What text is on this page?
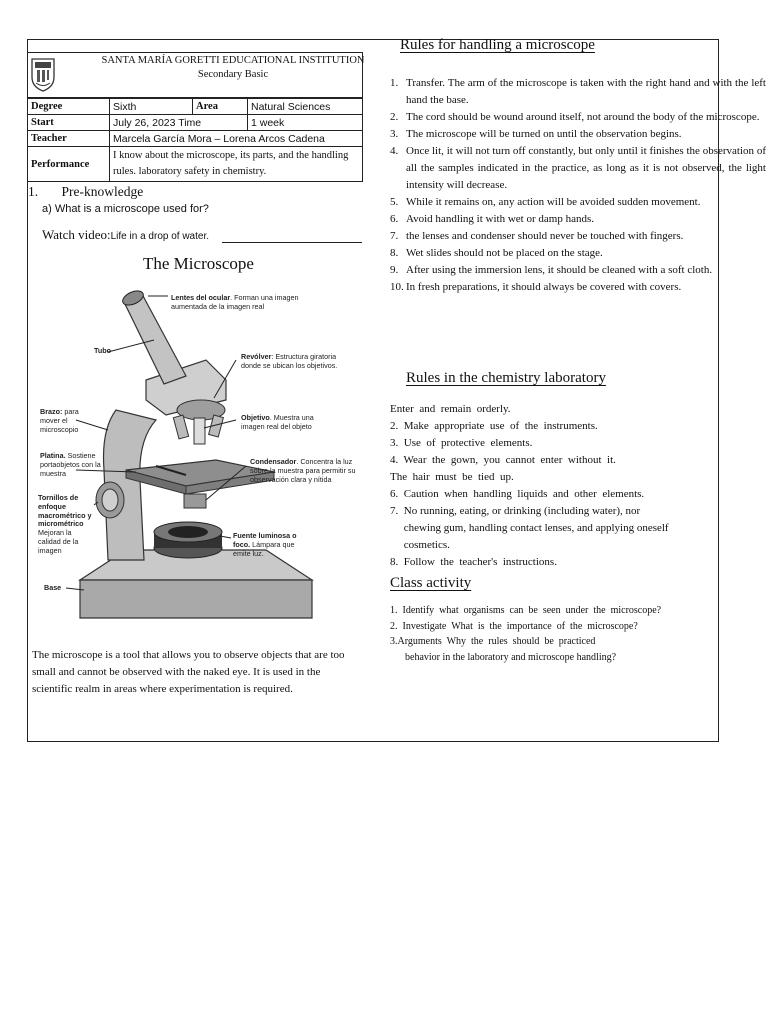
SANTA MARÍA GORETTI EDUCATIONAL INSTITUTION
Secondary Basic
Degree	Sixth	Area	Natural Sciences
Start	July 26, 2023 Time		1 week
Teacher	Marcela García Mora – Lorena Arcos Cadena		
Performance	I know about the microscope, its parts, and the handling rules. laboratory safety in chemistry.		
1. Pre-knowledge
a) What is a microscope used for?
Watch video:Life in a drop of water.
The Microscope
Lentes del ocular. Forman una imagen aumentada de la imagen real
Tubo
Revólver: Estructura giratoria donde se ubican los objetivos.
Brazo: para mover el microscopio
Objetivo. Muestra una imagen real del objeto
Platina. Sostiene portaobjetos con la muestra
Condensador. Concentra la luz sobre la muestra para permitir su observación clara y nítida
Tornillos de enfoque macrométrico y micrométrico Mejoran la calidad de la imagen
Fuente luminosa o foco. Lámpara que emite luz.
Base
The microscope is a tool that allows you to observe objects that are too small and cannot be observed with the naked eye. It is used in the scientific realm in areas where experimentation is required.
Rules for handling a microscope
1. Transfer. The arm of the microscope is taken with the right hand and with the left hand the base.
2. The cord should be wound around itself, not around the body of the microscope.
3. The microscope will be turned on until the observation begins.
4. Once lit, it will not turn off constantly, but only until it finishes the observation of all the samples indicated in the practice, as long as it is not observed, the light intensity will decrease.
5. While it remains on, any action will be avoided sudden movement.
6. Avoid handling it with wet or damp hands.
7. the lenses and condenser should never be touched with fingers.
8. Wet slides should not be placed on the stage.
9. After using the immersion lens, it should be cleaned with a soft cloth.
10. In fresh preparations, it should always be covered with covers.
Rules in the chemistry laboratory
Enter  and  remain  orderly.
2.  Make  appropriate  use  of  the  instruments.
3.  Use  of  protective  elements.
4.  Wear  the  gown,  you  cannot  enter  without  it.
The  hair  must  be  tied  up.
6.  Caution  when  handling  liquids  and  other  elements.
7.  No running, eating, or drinking (including water), nor
chewing gum, handling contact lenses, and applying oneself
cosmetics.
8.  Follow  the  teacher's  instructions.
Class activity
1.  Identify  what  organisms  can  be  seen  under  the  microscope?
2.  Investigate  What  is  the  importance  of  the  microscope?
3.Arguments  Why  the  rules  should  be  practiced
behavior in the laboratory and microscope handling?
